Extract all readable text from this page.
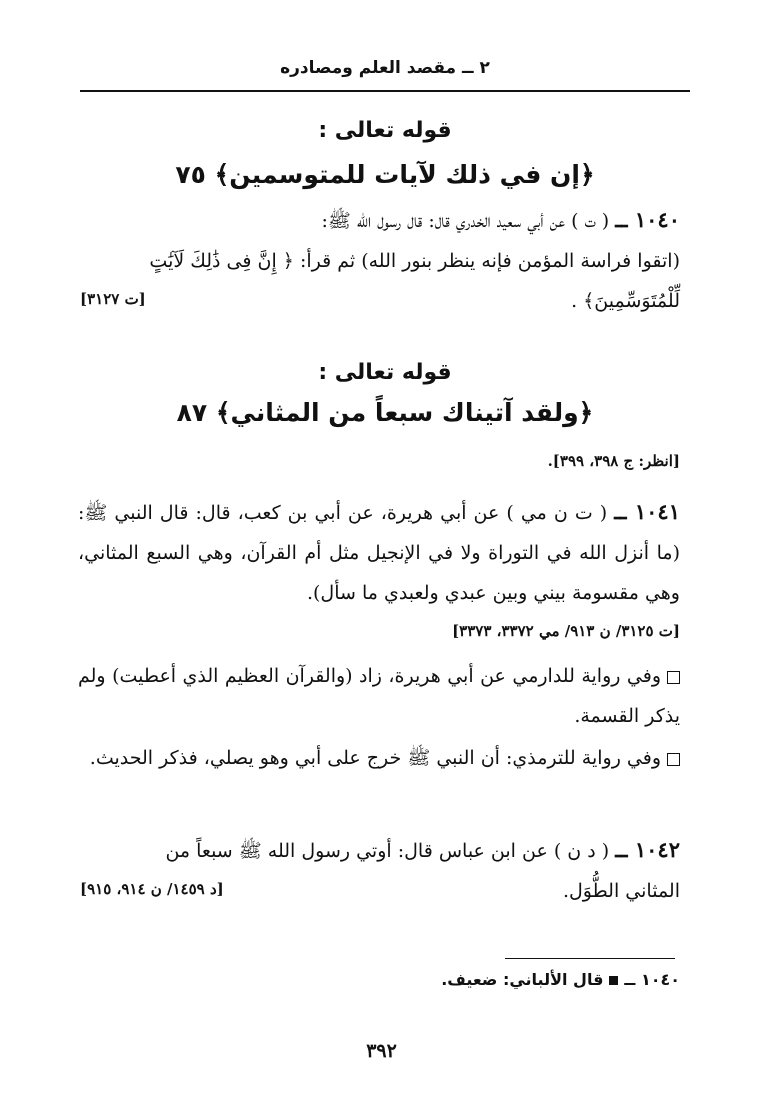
٢ ــ مقصد العلم ومصادره
قوله تعالى :
﴿إن في ذلك لآيات للمتوسمين﴾ ٧٥
١٠٤٠ ــ ( ت ) عن أبي سعيد الخدري قال: قال رسول الله ﷺ:
(اتقوا فراسة المؤمن فإنه ينظر بنور الله) ثم قرأ: ﴿ إِنَّ فِى ذَٰلِكَ لَآيَٰتٍ
لِّلْمُتَوَسِّمِينَ﴾ .
[ت ٣١٢٧]
قوله تعالى :
﴿ولقد آتيناك سبعاً من المثاني﴾ ٨٧
[انظر: ج ٣٩٨، ٣٩٩].
١٠٤١ ــ ( ت ن مي ) عن أبي هريرة، عن أبي بن كعب، قال: قال النبي ﷺ: (ما أنزل الله في التوراة ولا في الإنجيل مثل أم القرآن، وهي السبع المثاني، وهي مقسومة بيني وبين عبدي ولعبدي ما سأل).
[ت ٣١٢٥/ ن ٩١٣/ مي ٣٣٧٢، ٣٣٧٣]
وفي رواية للدارمي عن أبي هريرة، زاد (والقرآن العظيم الذي أعطيت) ولم يذكر القسمة.
وفي رواية للترمذي: أن النبي ﷺ خرج على أبي وهو يصلي، فذكر الحديث.
١٠٤٢ ــ ( د ن ) عن ابن عباس قال: أوتي رسول الله ﷺ سبعاً من
المثاني الطُّوَل.
[د ١٤٥٩/ ن ٩١٤، ٩١٥]
١٠٤٠ ــقال الألباني: ضعيف.
٣٩٢
